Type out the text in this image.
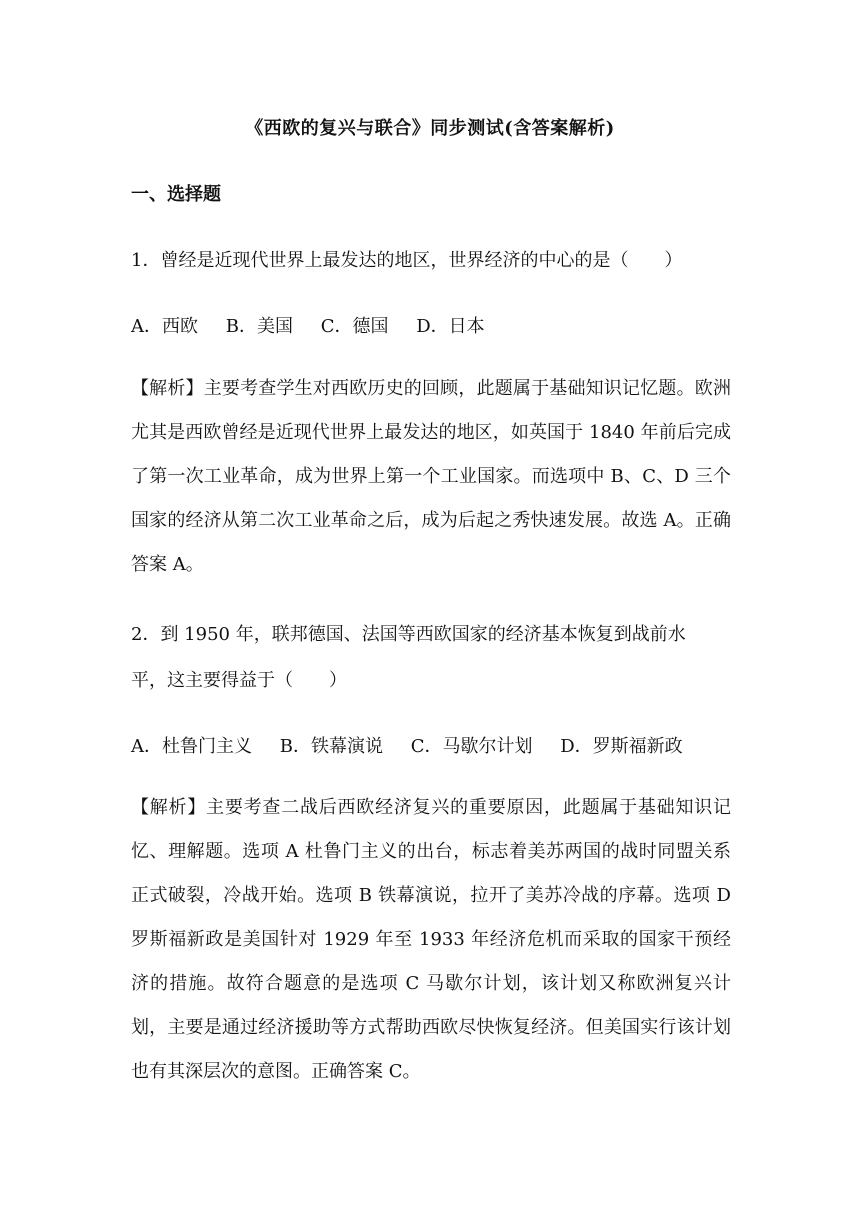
《西欧的复兴与联合》同步测试(含答案解析)
一、选择题
1．曾经是近现代世界上最发达的地区，世界经济的中心的是（　　）
A．西欧 B．美国 C．德国 D．日本
【解析】主要考查学生对西欧历史的回顾，此题属于基础知识记忆题。欧洲尤其是西欧曾经是近现代世界上最发达的地区，如英国于 1840 年前后完成了第一次工业革命，成为世界上第一个工业国家。而选项中 B、C、D 三个国家的经济从第二次工业革命之后，成为后起之秀快速发展。故选 A。正确答案 A。
2．到 1950 年，联邦德国、法国等西欧国家的经济基本恢复到战前水
平，这主要得益于（　　）
A．杜鲁门主义 B．铁幕演说 C．马歇尔计划 D．罗斯福新政
【解析】主要考查二战后西欧经济复兴的重要原因，此题属于基础知识记忆、理解题。选项 A 杜鲁门主义的出台，标志着美苏两国的战时同盟关系正式破裂，冷战开始。选项 B 铁幕演说，拉开了美苏冷战的序幕。选项 D 罗斯福新政是美国针对 1929 年至 1933 年经济危机而采取的国家干预经济的措施。故符合题意的是选项 C 马歇尔计划，该计划又称欧洲复兴计划，主要是通过经济援助等方式帮助西欧尽快恢复经济。但美国实行该计划也有其深层次的意图。正确答案 C。
